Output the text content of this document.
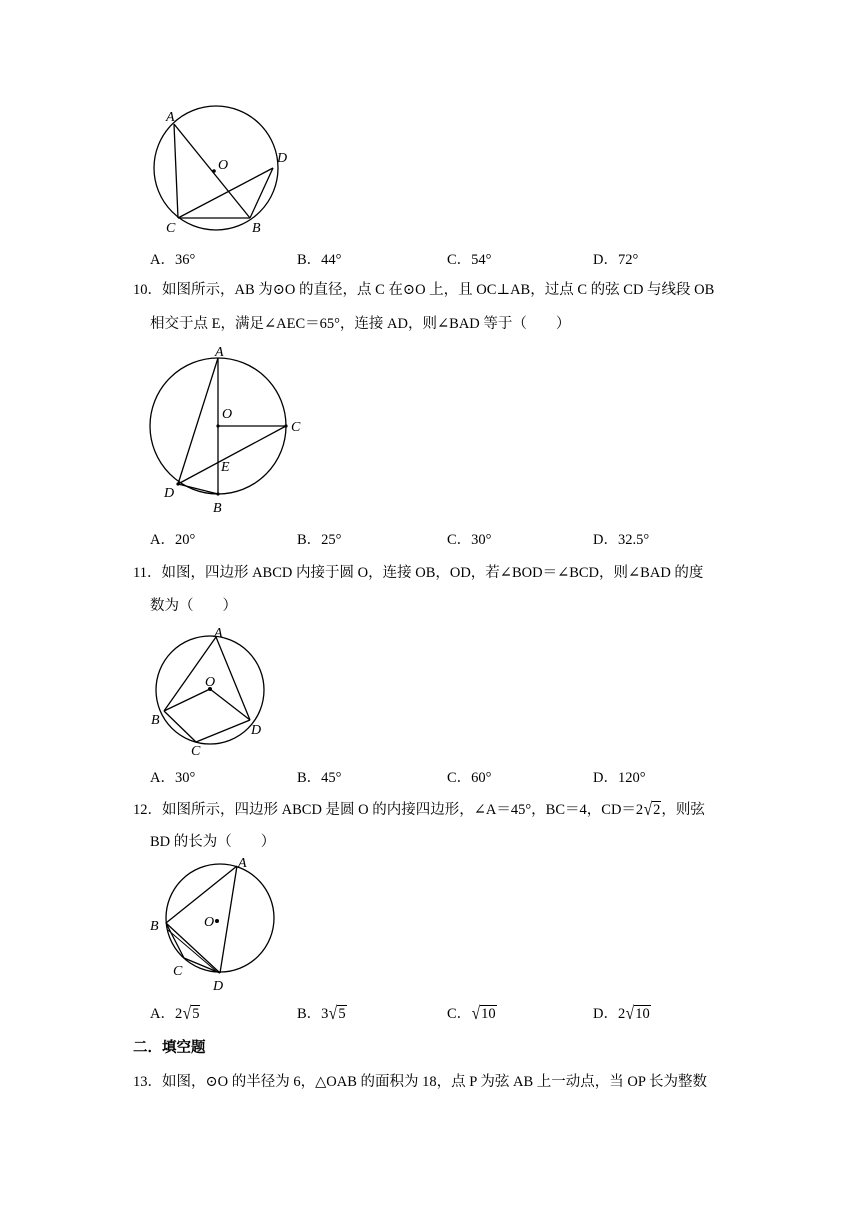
A
O	D
C	B
A．36°	B．44°	C．54°	D．72°
10．如图所示，AB 为⊙O 的直径，点 C 在⊙O 上，且 OC⊥AB，过点 C 的弦 CD 与线段 OB
相交于点 E，满足∠AEC＝65°，连接 AD，则∠BAD 等于（　　）
A
O
C
E
D
B
A．20°	B．25°	C．30°	D．32.5°
11．如图，四边形 ABCD 内接于圆 O，连接 OB，OD，若∠BOD＝∠BCD，则∠BAD 的度
数为（　　）
A
O
B
C
D
A．30°	B．45°	C．60°	D．120°
12．如图所示，四边形 ABCD 是圆 O 的内接四边形，∠A＝45°，BC＝4，CD＝2√2，则弦
BD 的长为（　　）
A
B	O
C
D
A．2√5	B．3√5	C．√10	D．2√10
二．填空题
13．如图，⊙O 的半径为 6，△OAB 的面积为 18，点 P 为弦 AB 上一动点，当 OP 长为整数
